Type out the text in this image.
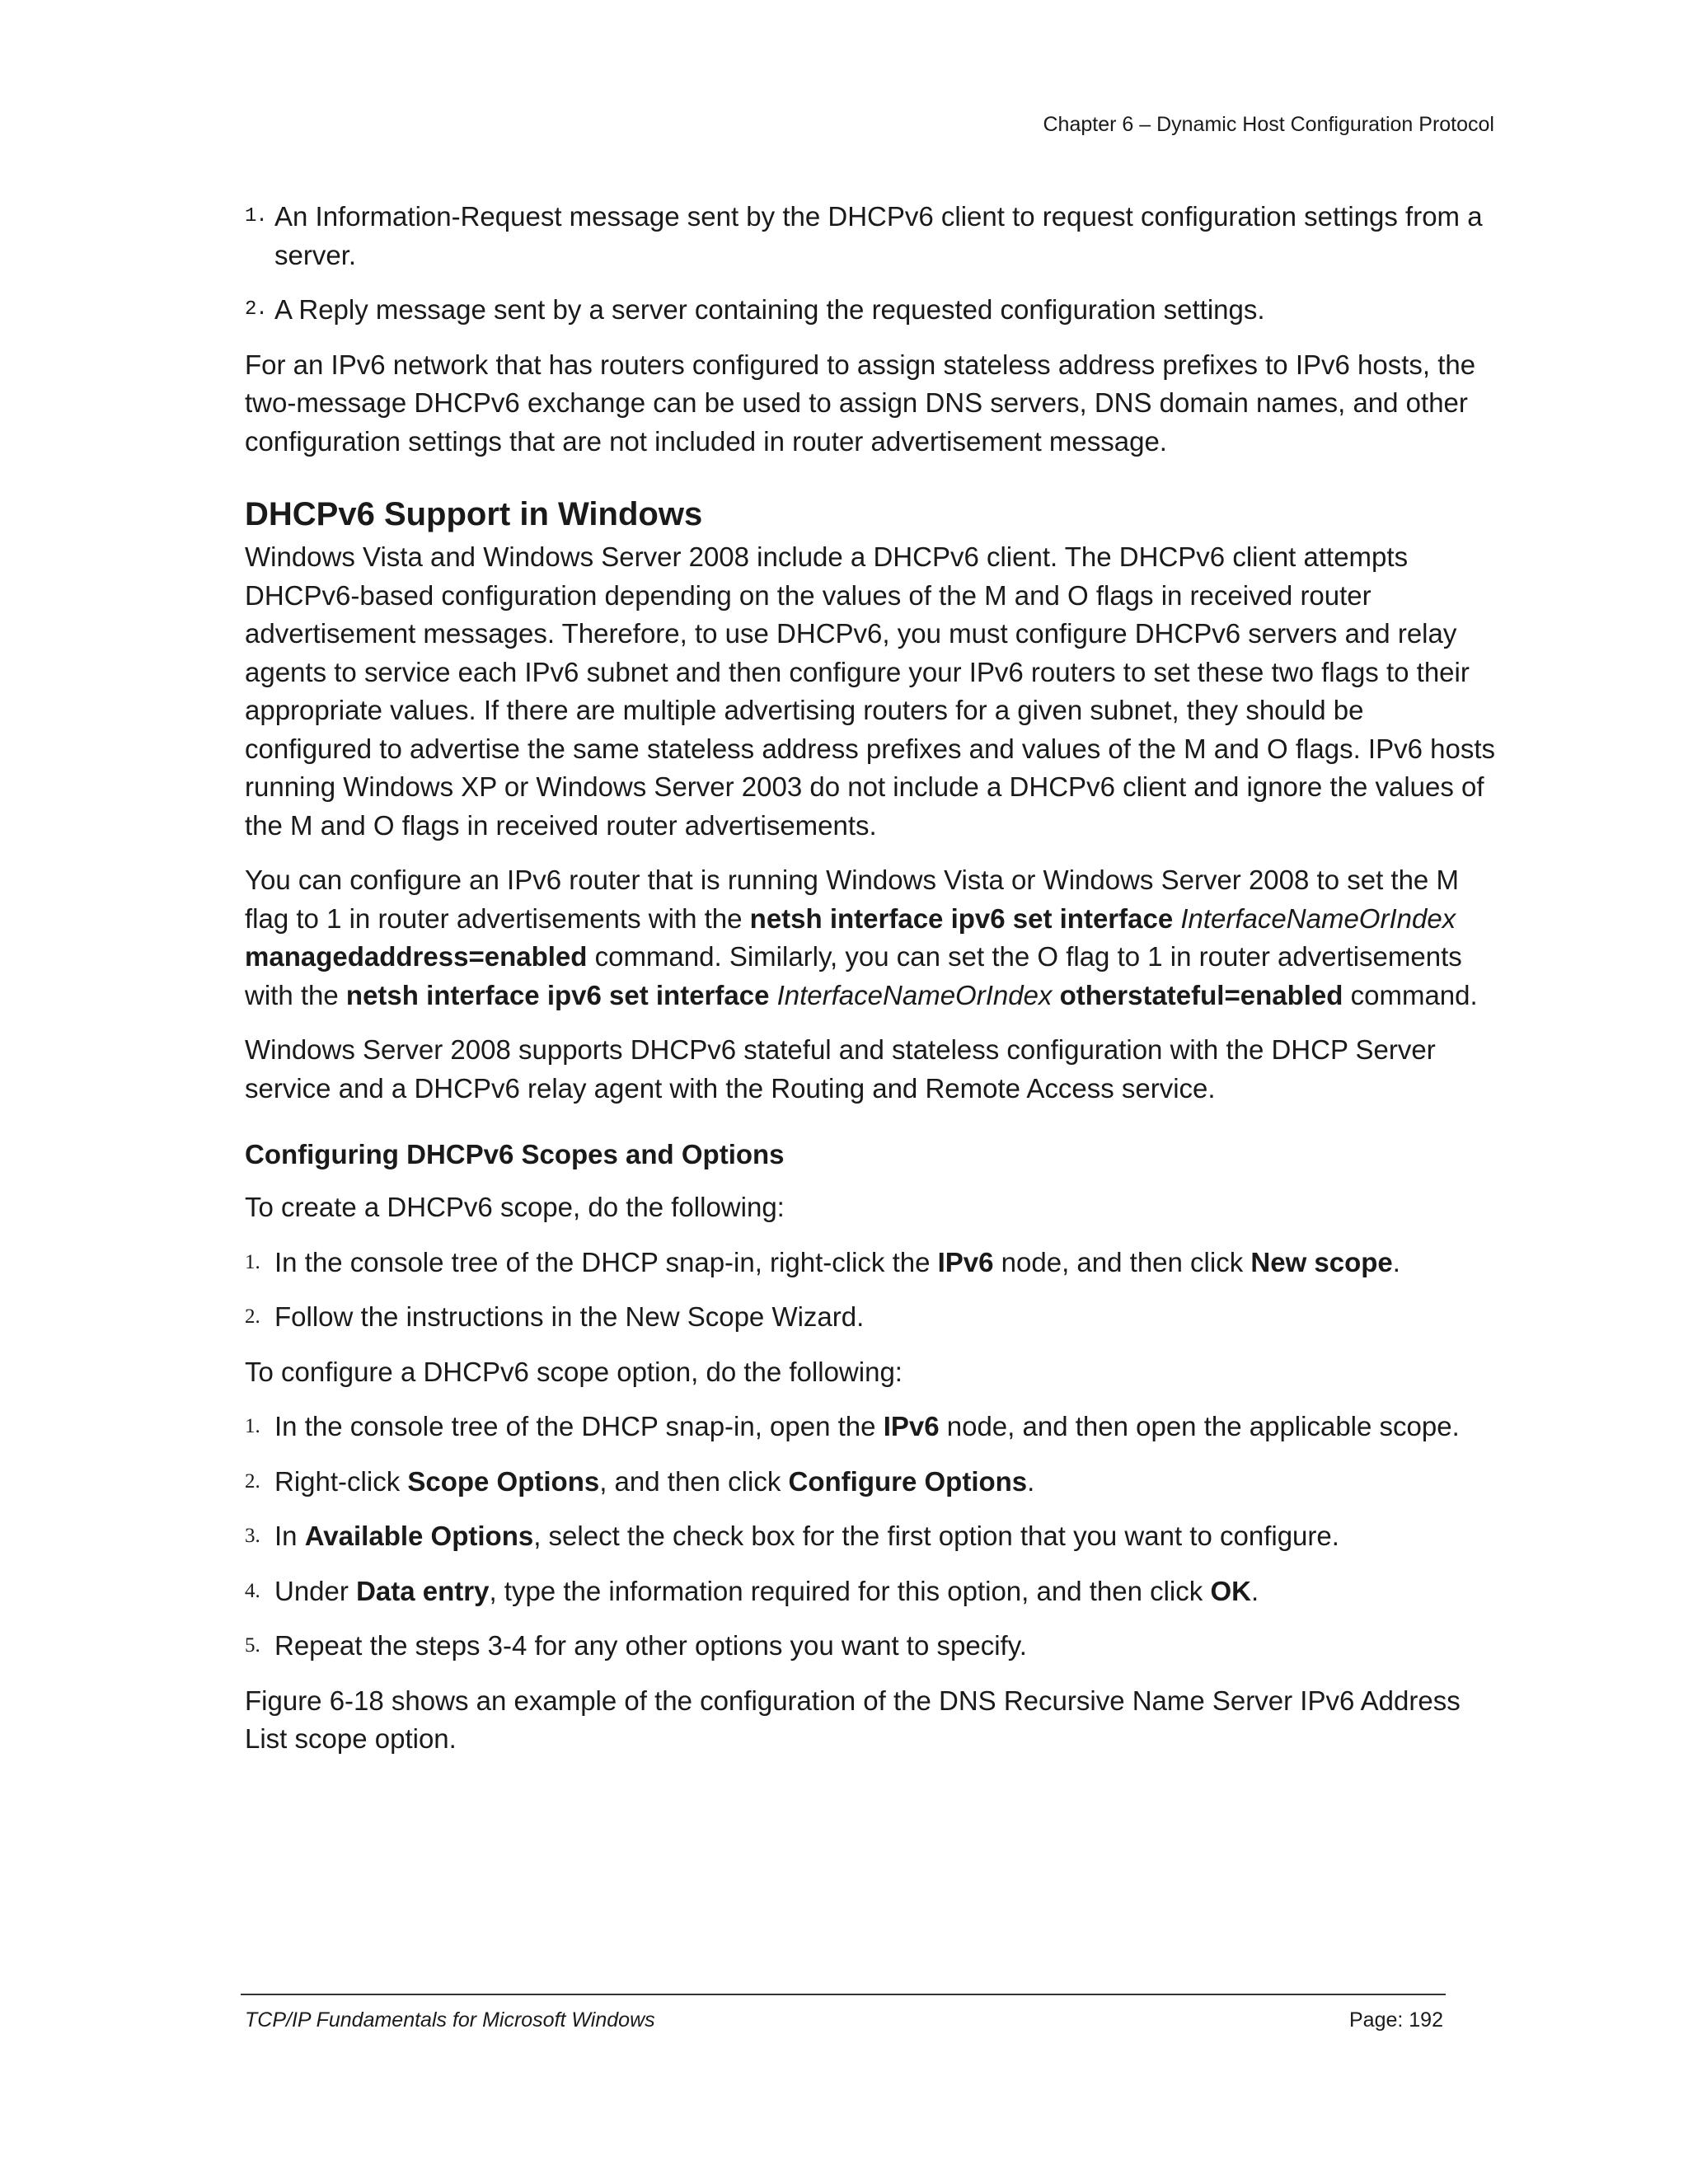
Chapter 6 – Dynamic Host Configuration Protocol
1. An Information-Request message sent by the DHCPv6 client to request configuration settings from a server.
2. A Reply message sent by a server containing the requested configuration settings.

For an IPv6 network that has routers configured to assign stateless address prefixes to IPv6 hosts, the two-message DHCPv6 exchange can be used to assign DNS servers, DNS domain names, and other configuration settings that are not included in router advertisement message.

DHCPv6 Support in Windows

Windows Vista and Windows Server 2008 include a DHCPv6 client. The DHCPv6 client attempts DHCPv6-based configuration depending on the values of the M and O flags in received router advertisement messages. Therefore, to use DHCPv6, you must configure DHCPv6 servers and relay agents to service each IPv6 subnet and then configure your IPv6 routers to set these two flags to their appropriate values. If there are multiple advertising routers for a given subnet, they should be configured to advertise the same stateless address prefixes and values of the M and O flags. IPv6 hosts running Windows XP or Windows Server 2003 do not include a DHCPv6 client and ignore the values of the M and O flags in received router advertisements.

You can configure an IPv6 router that is running Windows Vista or Windows Server 2008 to set the M flag to 1 in router advertisements with the netsh interface ipv6 set interface InterfaceNameOrIndex managedaddress=enabled command. Similarly, you can set the O flag to 1 in router advertisements with the netsh interface ipv6 set interface InterfaceNameOrIndex otherstateful=enabled command.

Windows Server 2008 supports DHCPv6 stateful and stateless configuration with the DHCP Server service and a DHCPv6 relay agent with the Routing and Remote Access service.

Configuring DHCPv6 Scopes and Options

To create a DHCPv6 scope, do the following:

1. In the console tree of the DHCP snap-in, right-click the IPv6 node, and then click New scope.
2. Follow the instructions in the New Scope Wizard.

To configure a DHCPv6 scope option, do the following:

1. In the console tree of the DHCP snap-in, open the IPv6 node, and then open the applicable scope.
2. Right-click Scope Options, and then click Configure Options.
3. In Available Options, select the check box for the first option that you want to configure.
4. Under Data entry, type the information required for this option, and then click OK.
5. Repeat the steps 3-4 for any other options you want to specify.

Figure 6-18 shows an example of the configuration of the DNS Recursive Name Server IPv6 Address List scope option.

TCP/IP Fundamentals for Microsoft Windows	Page: 192
